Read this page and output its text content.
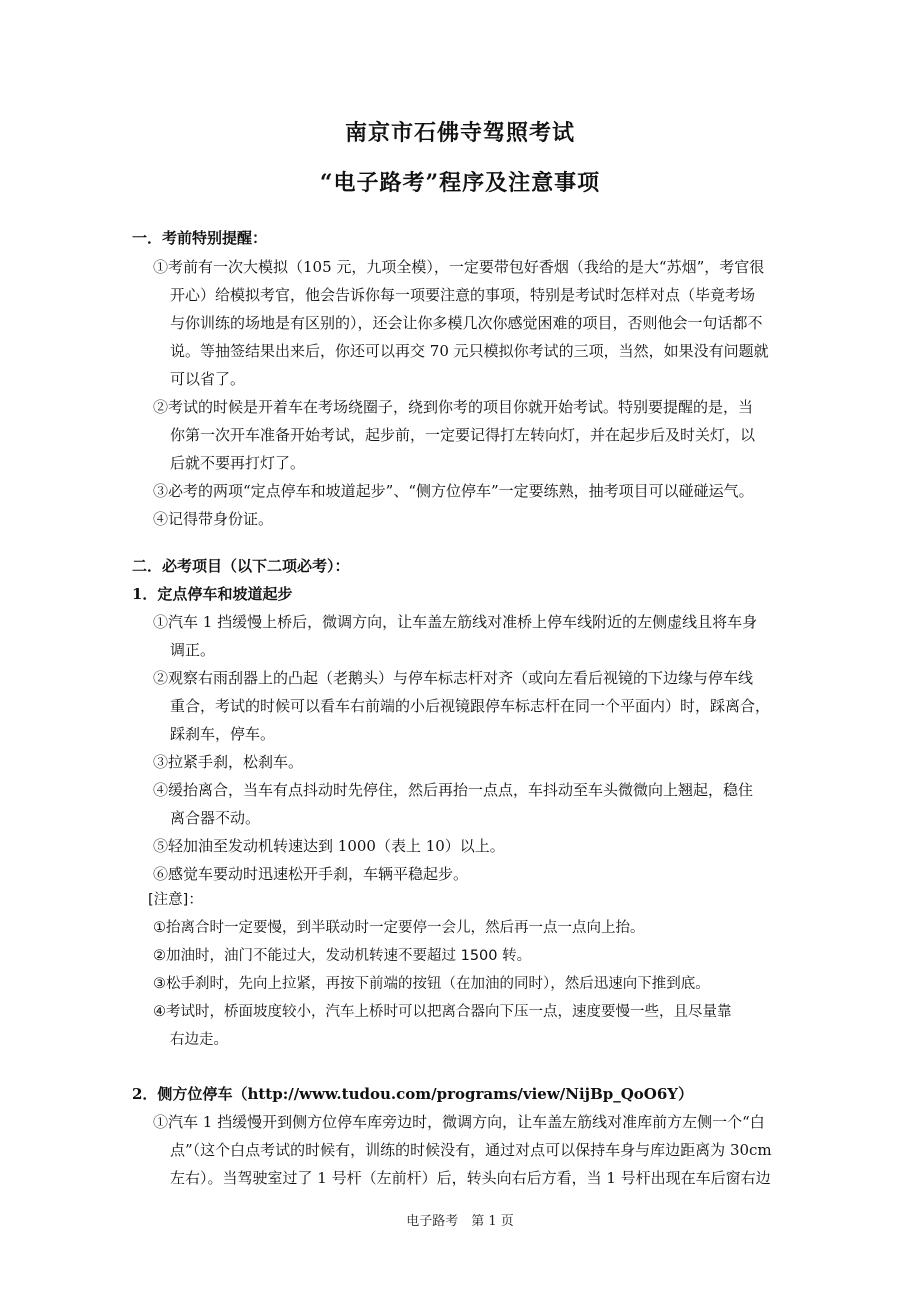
南京市石佛寺驾照考试
“电子路考”程序及注意事项
一．考前特别提醒：
①考前有一次大模拟（105 元，九项全模），一定要带包好香烟（我给的是大“苏烟”，考官很
开心）给模拟考官，他会告诉你每一项要注意的事项，特别是考试时怎样对点（毕竟考场
与你训练的场地是有区别的），还会让你多模几次你感觉困难的项目，否则他会一句话都不
说。等抽签结果出来后，你还可以再交 70 元只模拟你考试的三项，当然，如果没有问题就
可以省了。
②考试的时候是开着车在考场绕圈子，绕到你考的项目你就开始考试。特别要提醒的是，当
你第一次开车准备开始考试，起步前，一定要记得打左转向灯，并在起步后及时关灯，以
后就不要再打灯了。
③必考的两项“定点停车和坡道起步”、“侧方位停车”一定要练熟，抽考项目可以碰碰运气。
④记得带身份证。
二．必考项目（以下二项必考）：
1．定点停车和坡道起步
①汽车 1 挡缓慢上桥后，微调方向，让车盖左筋线对准桥上停车线附近的左侧虚线且将车身
调正。
②观察右雨刮器上的凸起（老鹅头）与停车标志杆对齐（或向左看后视镜的下边缘与停车线
重合，考试的时候可以看车右前端的小后视镜跟停车标志杆在同一个平面内）时，踩离合，
踩刹车，停车。
③拉紧手刹，松刹车。
④缓抬离合，当车有点抖动时先停住，然后再抬一点点，车抖动至车头微微向上翘起，稳住
离合器不动。
⑤轻加油至发动机转速达到 1000（表上 10）以上。
⑥感觉车要动时迅速松开手刹，车辆平稳起步。
[注意]：
①抬离合时一定要慢，到半联动时一定要停一会儿，然后再一点一点向上抬。
②加油时，油门不能过大，发动机转速不要超过 1500 转。
③松手刹时，先向上拉紧，再按下前端的按钮（在加油的同时），然后迅速向下推到底。
④考试时，桥面坡度较小，汽车上桥时可以把离合器向下压一点，速度要慢一些，且尽量靠
右边走。
2．侧方位停车（http://www.tudou.com/programs/view/NijBp_QoO6Y）
①汽车 1 挡缓慢开到侧方位停车库旁边时，微调方向，让车盖左筋线对准库前方左侧一个“白
点”（这个白点考试的时候有，训练的时候没有，通过对点可以保持车身与库边距离为 30cm
左右）。当驾驶室过了 1 号杆（左前杆）后，转头向右后方看，当 1 号杆出现在车后窗右边
电子路考　第 1 页
